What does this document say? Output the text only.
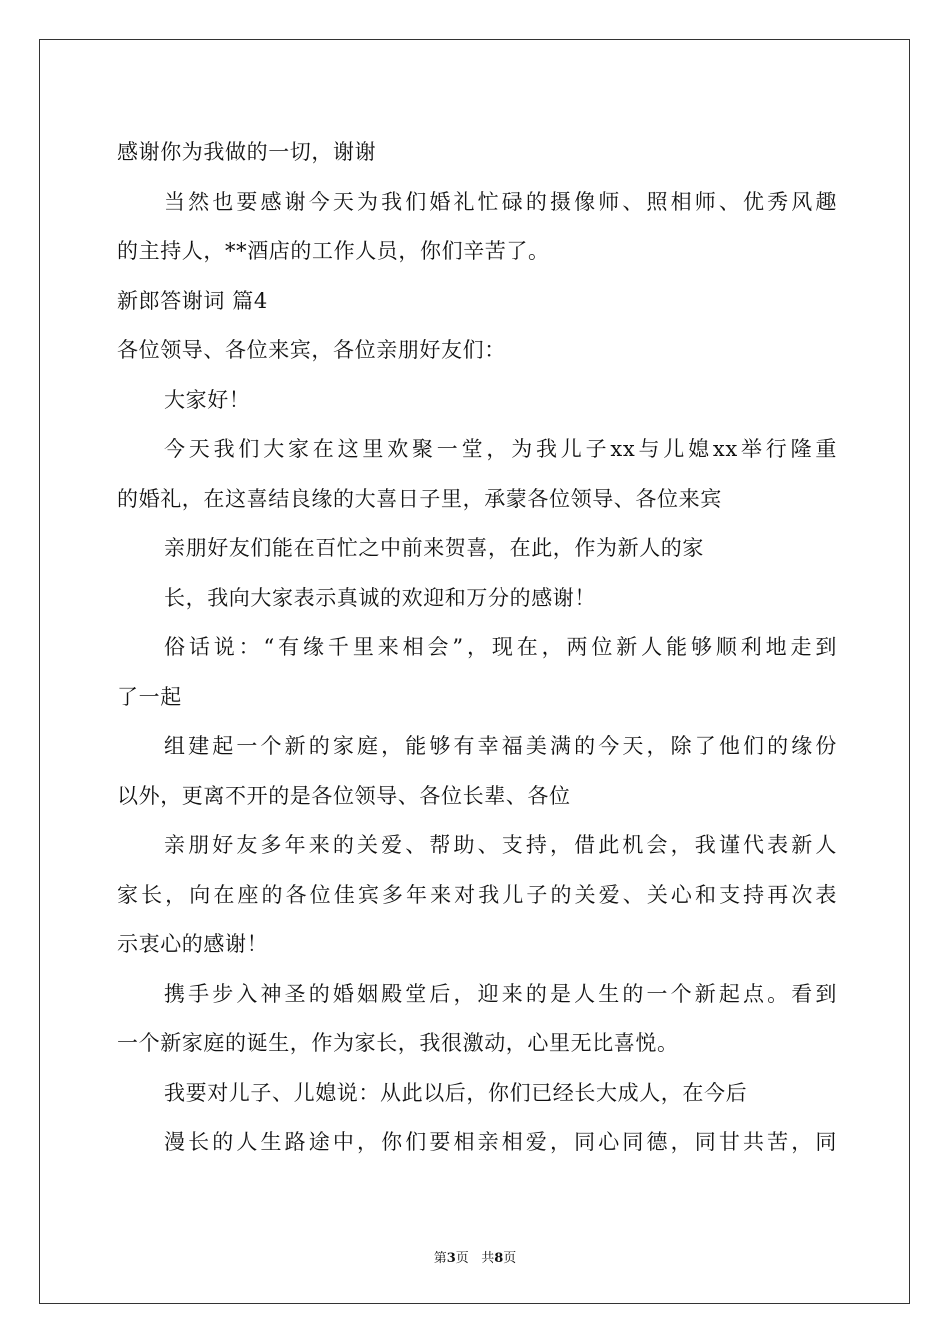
感谢你为我做的一切，谢谢

当然也要感谢今天为我们婚礼忙碌的摄像师、照相师、优秀风趣

的主持人，**酒店的工作人员，你们辛苦了。

新郎答谢词 篇4

各位领导、各位来宾，各位亲朋好友们：

大家好！

今天我们大家在这里欢聚一堂，为我儿子xx与儿媳xx举行隆重

的婚礼，在这喜结良缘的大喜日子里，承蒙各位领导、各位来宾

亲朋好友们能在百忙之中前来贺喜，在此，作为新人的家

长，我向大家表示真诚的欢迎和万分的感谢！

俗话说：“有缘千里来相会”，现在，两位新人能够顺利地走到

了一起

组建起一个新的家庭，能够有幸福美满的今天，除了他们的缘份

以外，更离不开的是各位领导、各位长辈、各位

亲朋好友多年来的关爱、帮助、支持，借此机会，我谨代表新人

家长，向在座的各位佳宾多年来对我儿子的关爱、关心和支持再次表

示衷心的感谢！

携手步入神圣的婚姻殿堂后，迎来的是人生的一个新起点。看到

一个新家庭的诞生，作为家长，我很激动，心里无比喜悦。

我要对儿子、儿媳说：从此以后，你们已经长大成人，在今后

漫长的人生路途中，你们要相亲相爱，同心同德，同甘共苦，同

第3页 共8页
